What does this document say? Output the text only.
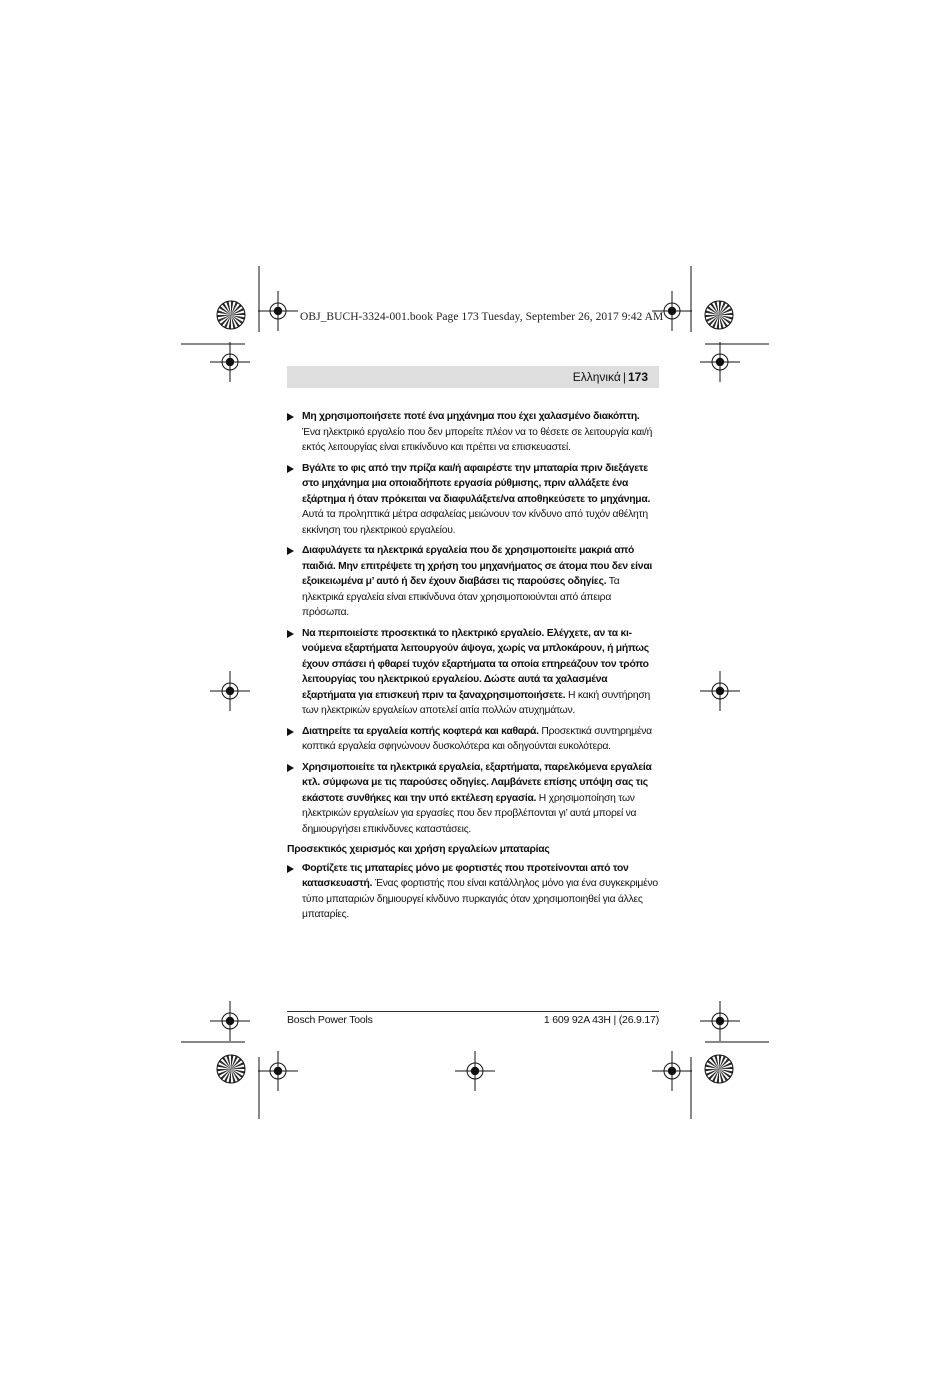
OBJ_BUCH-3324-001.book Page 173 Tuesday, September 26, 2017 9:42 AM
Ελληνικά | 173
Μη χρησιμοποιήσετε ποτέ ένα μηχάνημα που έχει χαλασμένο διακόπτη. Ένα ηλεκτρικό εργαλείο που δεν μπορείτε πλέον να το θέσετε σε λειτουργία και/ή εκτός λειτουργίας είναι επικίνδυνο και πρέπει να επισκευαστεί.
Βγάλτε το φις από την πρίζα και/ή αφαιρέστε την μπαταρία πριν διεξάγετε στο μηχάνημα μια οποιαδήποτε εργασία ρύθμισης, πριν αλλάξετε ένα εξάρτημα ή όταν πρόκειται να διαφυλάξετε/να αποθηκεύσετε το μηχάνημα. Αυτά τα προληπτικά μέτρα ασφαλείας μειώνουν τον κίνδυνο από τυχόν αθέλητη εκκίνηση του ηλεκτρικού εργαλείου.
Διαφυλάγετε τα ηλεκτρικά εργαλεία που δε χρησιμοποιείτε μακριά από παιδιά. Μην επιτρέψετε τη χρήση του μηχανήματος σε άτομα που δεν είναι εξοικειωμένα μ’ αυτό ή δεν έχουν διαβάσει τις παρούσες οδηγίες. Τα ηλεκτρικά εργαλεία είναι επικίνδυνα όταν χρησιμοποιούνται από άπειρα πρόσωπα.
Να περιποιείστε προσεκτικά το ηλεκτρικό εργαλείο. Ελέγχετε, αν τα κινούμενα εξαρτήματα λειτουργούν άψογα, χωρίς να μπλοκάρουν, ή μήπως έχουν σπάσει ή φθαρεί τυχόν εξαρτήματα τα οποία επηρεάζουν τον τρόπο λειτουργίας του ηλεκτρικού εργαλείου. Δώστε αυτά τα χαλασμένα εξαρτήματα για επισκευή πριν τα ξαναχρησιμοποιήσετε. Η κακή συντήρηση των ηλεκτρικών εργαλείων αποτελεί αιτία πολλών ατυχημάτων.
Διατηρείτε τα εργαλεία κοπής κοφτερά και καθαρά. Προσεκτικά συντηρημένα κοπτικά εργαλεία σφηνώνουν δυσκολότερα και οδηγούνται ευκολότερα.
Χρησιμοποιείτε τα ηλεκτρικά εργαλεία, εξαρτήματα, παρελκόμενα εργαλεία κτλ. σύμφωνα με τις παρούσες οδηγίες. Λαμβάνετε επίσης υπόψη σας τις εκάστοτε συνθήκες και την υπό εκτέλεση εργασία. Η χρησιμοποίηση των ηλεκτρικών εργαλείων για εργασίες που δεν προβλέπονται γι’ αυτά μπορεί να δημιουργήσει επικίνδυνες καταστάσεις.
Προσεκτικός χειρισμός και χρήση εργαλείων μπαταρίας
Φορτίζετε τις μπαταρίες μόνο με φορτιστές που προτείνονται από τον κατασκευαστή. Ένας φορτιστής που είναι κατάλληλος μόνο για ένα συγκεκριμένο τύπο μπαταριών δημιουργεί κίνδυνο πυρκαγιάς όταν χρησιμοποιηθεί για άλλες μπαταρίες.
Bosch Power Tools	1 609 92A 43H | (26.9.17)
